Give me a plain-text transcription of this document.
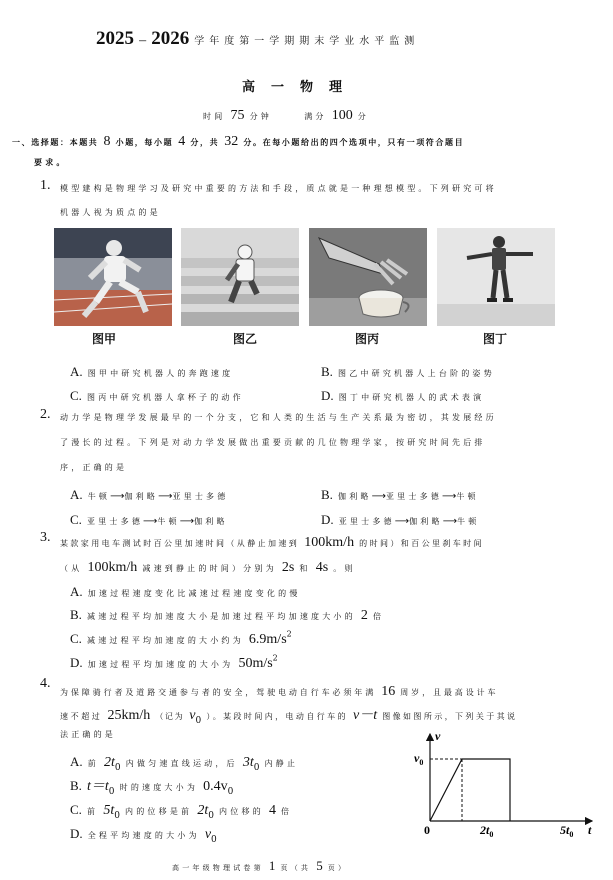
2025 – 2026 学年度第一学期期末学业水平监测
高一物理
时间 75 分钟	满分 100 分
一、选择题：本题共 8 小题，每小题 4 分，共 32 分。在每小题给出的四个选项中，只有一项符合题目
要求。
1. 模型建构是物理学习及研究中重要的方法和手段，质点就是一种理想模型。下列研究可将
机器人视为质点的是
图甲	图乙	图丙	图丁
A. 图甲中研究机器人的奔跑速度	B. 图乙中研究机器人上台阶的姿势
C. 图丙中研究机器人拿杯子的动作	D. 图丁中研究机器人的武术表演
2. 动力学是物理学发展最早的一个分支，它和人类的生活与生产关系最为密切，其发展经历
了漫长的过程。下列是对动力学发展做出重要贡献的几位物理学家，按研究时间先后排
序，正确的是
A. 牛顿⟶伽利略⟶亚里士多德	B. 伽利略⟶亚里士多德⟶牛顿
C. 亚里士多德⟶牛顿⟶伽利略	D. 亚里士多德⟶伽利略⟶牛顿
3. 某款家用电车测试时百公里加速时间（从静止加速到 100km/h 的时间）和百公里刹车时间
（从 100km/h 减速到静止的时间）分别为 2s 和 4s 。则
A. 加速过程速度变化比减速过程速度变化的慢
B. 减速过程平均加速度大小是加速过程平均加速度大小的 2 倍
C. 减速过程平均加速度的大小约为 $6.9m/s^2$
D. 加速过程平均加速度的大小为 $50m/s^2$
4.
为保障骑行者及道路交通参与者的安全，驾驶电动自行车必须年满 16 周岁，且最高设计车
速不超过 25km/h （记为 $v_0$ ）。某段时间内，电动自行车的 v－t 图像如图所示，下列关于其说
法正确的是
A. 前 $2t_0$ 内做匀速直线运动，后 $3t_0$ 内静止
B. $t=t_0$ 时的速度大小为 $0.4v_0$
C. 前 $5t_0$ 内的位移是前 $2t_0$ 内位移的 4 倍
D. 全程平均速度的大小为 $v_0$
v
t
0
$v_0$
$2t_0$	$5t_0$
高一年级物理试卷第 1 页（共 5 页）
